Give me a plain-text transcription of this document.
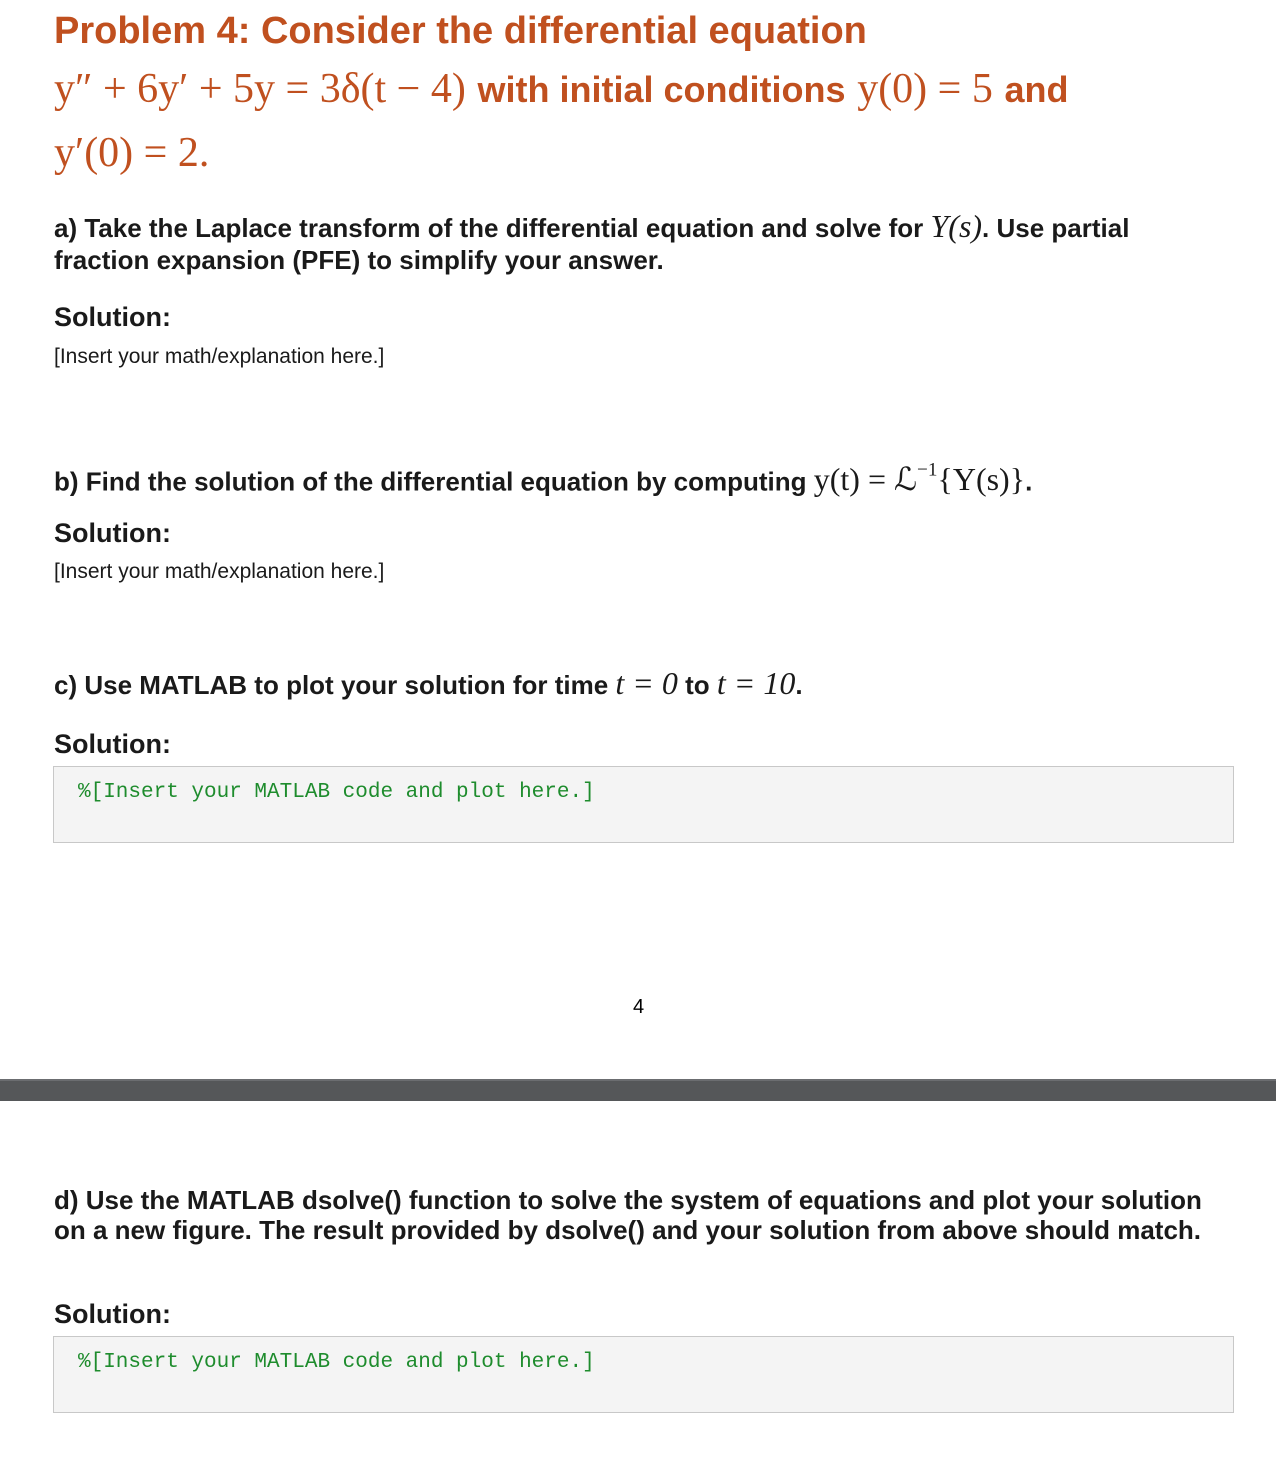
Problem 4: Consider the differential equation
y″ + 6y′ + 5y = 3δ(t − 4) with initial conditions y(0) = 5 and
y′(0) = 2.
a) Take the Laplace transform of the differential equation and solve for Y(s). Use partial fraction expansion (PFE) to simplify your answer.
Solution:
[Insert your math/explanation here.]
b) Find the solution of the differential equation by computing y(t) = ℒ$^{-1}${Y(s)}.
Solution:
[Insert your math/explanation here.]
c) Use MATLAB to plot your solution for time t = 0 to t = 10.
Solution:
%[Insert your MATLAB code and plot here.]
4
d) Use the MATLAB dsolve() function to solve the system of equations and plot your solution on a new figure. The result provided by dsolve() and your solution from above should match.
Solution:
%[Insert your MATLAB code and plot here.]
